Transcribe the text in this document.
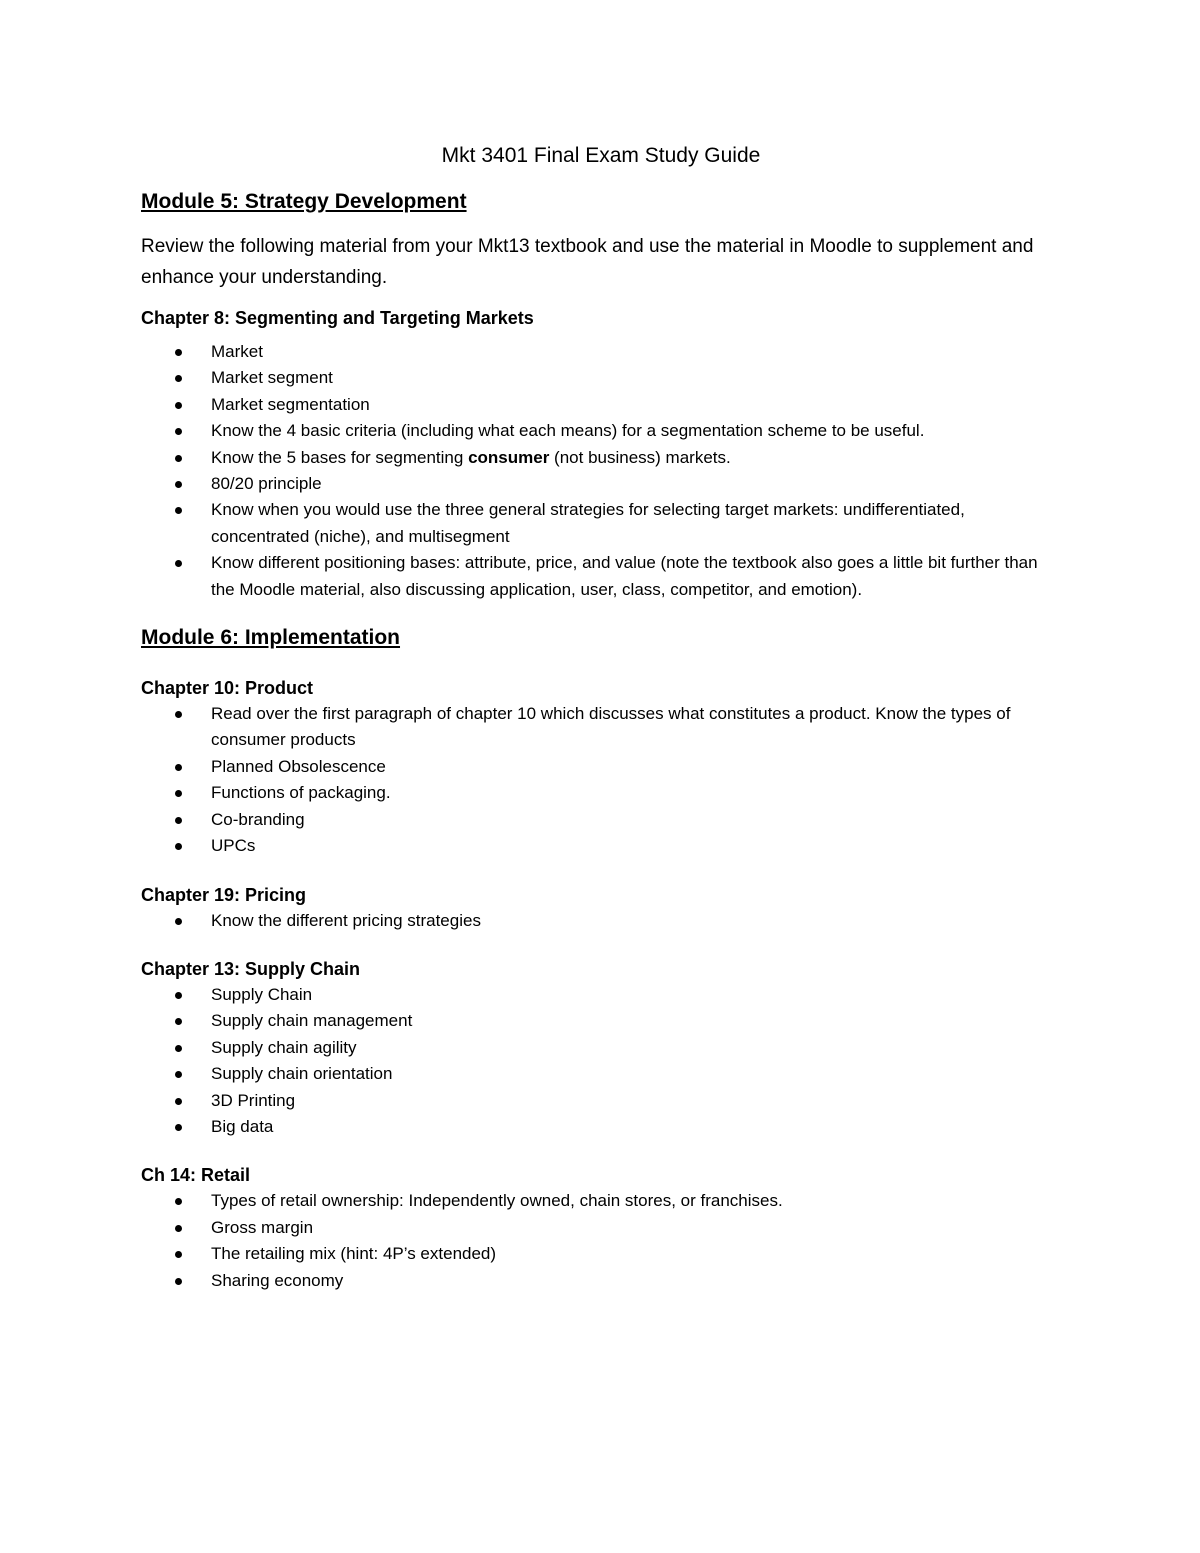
Mkt 3401 Final Exam Study Guide
Module 5: Strategy Development
Review the following material from your Mkt13 textbook and use the material in Moodle to supplement and enhance your understanding.
Chapter 8: Segmenting and Targeting Markets
Market
Market segment
Market segmentation
Know the 4 basic criteria (including what each means) for a segmentation scheme to be useful.
Know the 5 bases for segmenting consumer (not business) markets.
80/20 principle
Know when you would use the three general strategies for selecting target markets: undifferentiated, concentrated (niche), and multisegment
Know different positioning bases: attribute, price, and value (note the textbook also goes a little bit further than the Moodle material, also discussing application, user, class, competitor, and emotion).
Module 6: Implementation
Chapter 10: Product
Read over the first paragraph of chapter 10 which discusses what constitutes a product. Know the types of consumer products
Planned Obsolescence
Functions of packaging.
Co-branding
UPCs
Chapter 19: Pricing
Know the different pricing strategies
Chapter 13: Supply Chain
Supply Chain
Supply chain management
Supply chain agility
Supply chain orientation
3D Printing
Big data
Ch 14: Retail
Types of retail ownership: Independently owned, chain stores, or franchises.
Gross margin
The retailing mix (hint: 4P’s extended)
Sharing economy
